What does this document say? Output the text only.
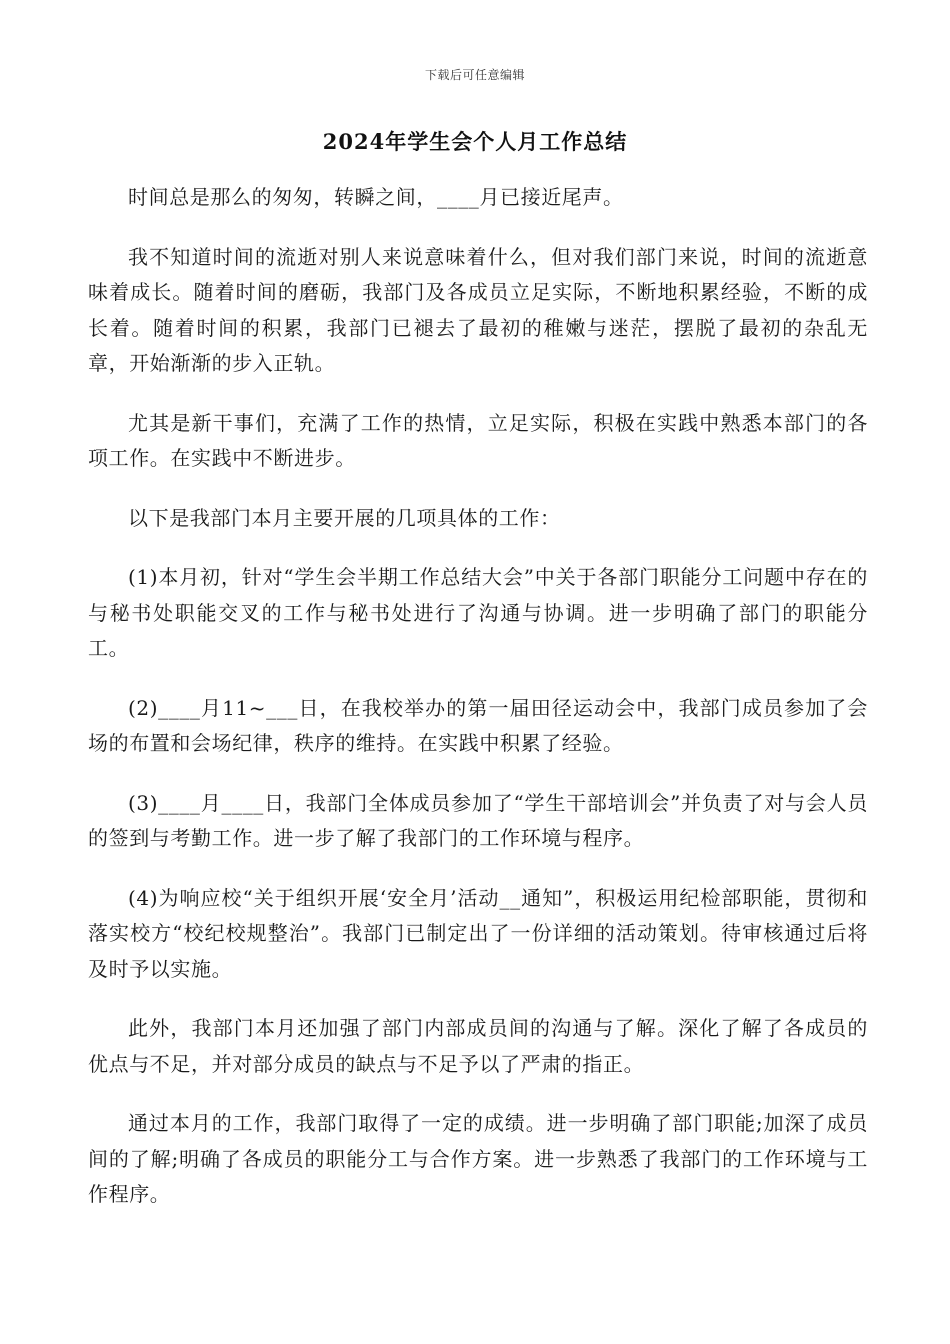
下载后可任意编辑
2024年学生会个人月工作总结

时间总是那么的匆匆，转瞬之间，____月已接近尾声。

我不知道时间的流逝对别人来说意味着什么，但对我们部门来说，时间的流逝意味着成长。随着时间的磨砺，我部门及各成员立足实际，不断地积累经验，不断的成长着。随着时间的积累，我部门已褪去了最初的稚嫩与迷茫，摆脱了最初的杂乱无章，开始渐渐的步入正轨。

尤其是新干事们，充满了工作的热情，立足实际，积极在实践中熟悉本部门的各项工作。在实践中不断进步。

以下是我部门本月主要开展的几项具体的工作：

(1)本月初，针对“学生会半期工作总结大会”中关于各部门职能分工问题中存在的与秘书处职能交叉的工作与秘书处进行了沟通与协调。进一步明确了部门的职能分工。

(2)____月11~___日，在我校举办的第一届田径运动会中，我部门成员参加了会场的布置和会场纪律，秩序的维持。在实践中积累了经验。

(3)____月____日，我部门全体成员参加了“学生干部培训会”并负责了对与会人员的签到与考勤工作。进一步了解了我部门的工作环境与程序。

(4)为响应校“关于组织开展‘安全月’活动__通知”，积极运用纪检部职能，贯彻和落实校方“校纪校规整治”。我部门已制定出了一份详细的活动策划。待审核通过后将及时予以实施。

此外，我部门本月还加强了部门内部成员间的沟通与了解。深化了解了各成员的优点与不足，并对部分成员的缺点与不足予以了严肃的指正。

通过本月的工作，我部门取得了一定的成绩。进一步明确了部门职能;加深了成员间的了解;明确了各成员的职能分工与合作方案。进一步熟悉了我部门的工作环境与工作程序。
